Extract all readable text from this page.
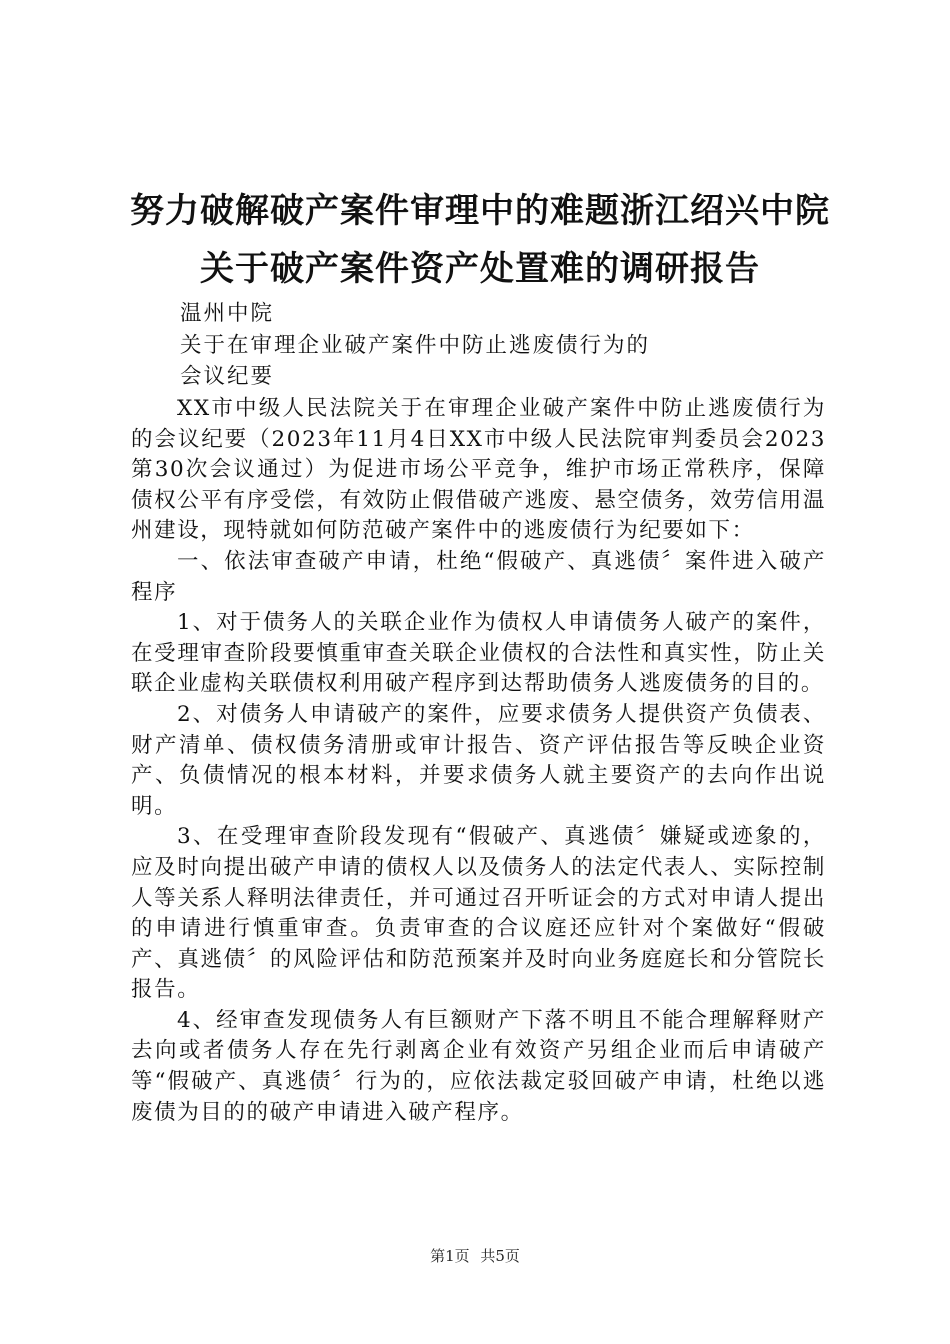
努力破解破产案件审理中的难题浙江绍兴中院
关于破产案件资产处置难的调研报告
温州中院
关于在审理企业破产案件中防止逃废债行为的
会议纪要

XX市中级人民法院关于在审理企业破产案件中防止逃废债行为的会议纪要（2023年11月4日XX市中级人民法院审判委员会2023第30次会议通过）为促进市场公平竞争，维护市场正常秩序，保障债权公平有序受偿，有效防止假借破产逃废、悬空债务，效劳信用温州建设，现特就如何防范破产案件中的逃废债行为纪要如下：

一、依法审查破产申请，杜绝“假破产、真逃债〞案件进入破产程序

1、对于债务人的关联企业作为债权人申请债务人破产的案件，在受理审查阶段要慎重审查关联企业债权的合法性和真实性，防止关联企业虚构关联债权利用破产程序到达帮助债务人逃废债务的目的。

2、对债务人申请破产的案件，应要求债务人提供资产负债表、财产清单、债权债务清册或审计报告、资产评估报告等反映企业资产、负债情况的根本材料，并要求债务人就主要资产的去向作出说明。

3、在受理审查阶段发现有“假破产、真逃债〞嫌疑或迹象的，应及时向提出破产申请的债权人以及债务人的法定代表人、实际控制人等关系人释明法律责任，并可通过召开听证会的方式对申请人提出的申请进行慎重审查。负责审查的合议庭还应针对个案做好“假破产、真逃债〞的风险评估和防范预案并及时向业务庭庭长和分管院长报告。

4、经审查发现债务人有巨额财产下落不明且不能合理解释财产去向或者债务人存在先行剥离企业有效资产另组企业而后申请破产等“假破产、真逃债〞行为的，应依法裁定驳回破产申请，杜绝以逃废债为目的的破产申请进入破产程序。

第1页 共5页
